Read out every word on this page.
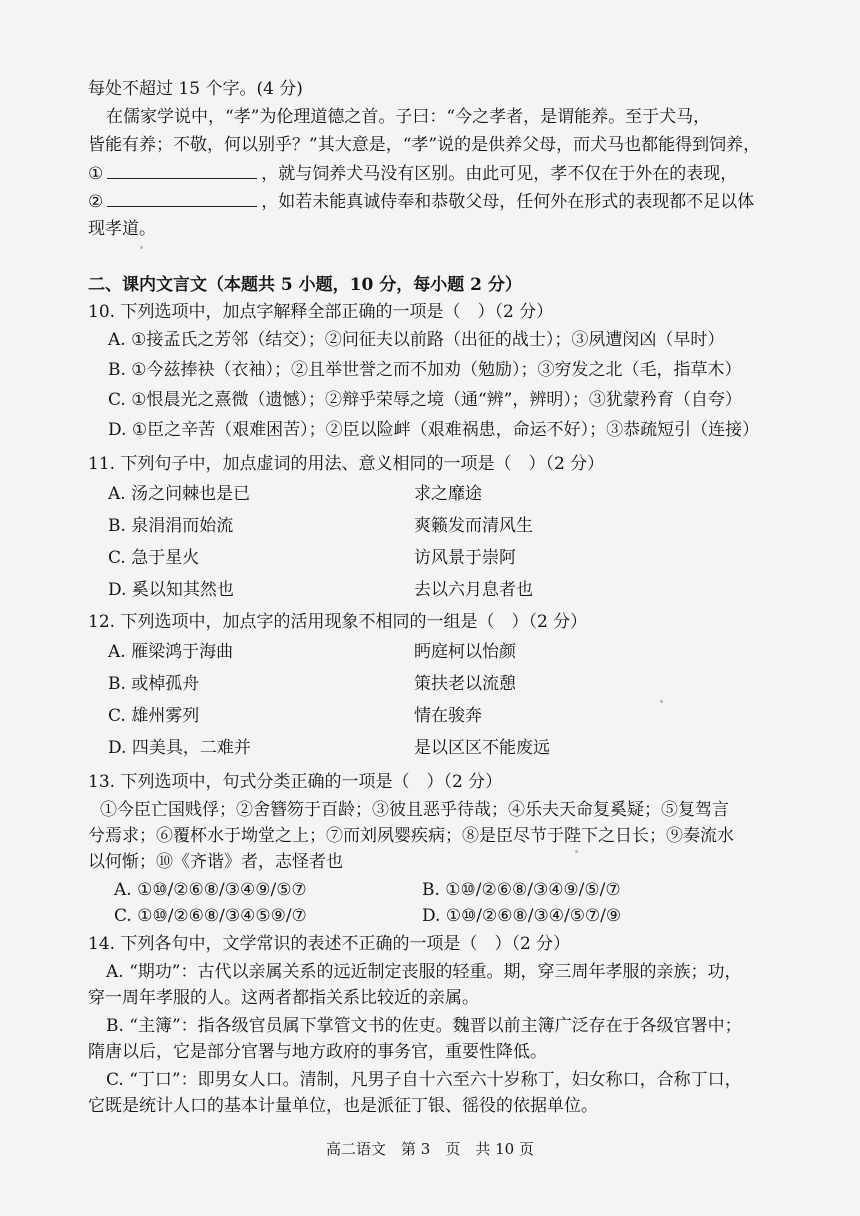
每处不超过 15 个字。(4 分)
在儒家学说中，“孝”为伦理道德之首。子曰：“今之孝者，是谓能养。至于犬马，
皆能有养；不敬，何以别乎？”其大意是，“孝”说的是供养父母，而犬马也都能得到饲养，
①	，就与饲养犬马没有区别。由此可见，孝不仅在于外在的表现，
②	，如若未能真诚侍奉和恭敬父母，任何外在形式的表现都不足以体
现孝道。
二、课内文言文（本题共 5 小题，10 分，每小题 2 分）
10. 下列选项中，加点字解释全部正确的一项是（　）（2 分）
A. ①接孟氏之芳邻（结交）；②问征夫以前路（出征的战士）；③夙遭闵凶（早时）
B. ①今兹捧袂（衣袖）；②且举世誉之而不加劝（勉励）；③穷发之北（毛，指草木）
C. ①恨晨光之熹微（遗憾）；②辩乎荣辱之境（通“辨”，辨明）；③犹蒙矜育（自夸）
D. ①臣之辛苦（艰难困苦）；②臣以险衅（艰难祸患，命运不好）；③恭疏短引（连接）
11. 下列句子中，加点虚词的用法、意义相同的一项是（　）（2 分）
A. 汤之问棘也是已	求之靡途
B. 泉涓涓而始流	爽籁发而清风生
C. 急于星火	访风景于崇阿
D. 奚以知其然也	去以六月息者也
12. 下列选项中，加点字的活用现象不相同的一组是（　）（2 分）
A. 雁梁鸿于海曲	眄庭柯以怡颜
B. 或棹孤舟	策扶老以流憩
C. 雄州雾列	情在骏奔
D. 四美具，二难并	是以区区不能废远
13. 下列选项中，句式分类正确的一项是（　）（2 分）
①今臣亡国贱俘；②舍簪笏于百龄；③彼且恶乎待哉；④乐夫天命复奚疑；⑤复驾言
兮焉求；⑥覆杯水于坳堂之上；⑦而刘夙婴疾病；⑧是臣尽节于陛下之日长；⑨奏流水
以何惭；⑩《齐谐》者，志怪者也
A. ①⑩/②⑥⑧/③④⑨/⑤⑦	B. ①⑩/②⑥⑧/③④⑨/⑤/⑦
C. ①⑩/②⑥⑧/③④⑤⑨/⑦	D. ①⑩/②⑥⑧/③④/⑤⑦/⑨
14. 下列各句中，文学常识的表述不正确的一项是（　）（2 分）
A. “期功”：古代以亲属关系的远近制定丧服的轻重。期，穿三周年孝服的亲族；功，
穿一周年孝服的人。这两者都指关系比较近的亲属。
B. “主簿”：指各级官员属下掌管文书的佐吏。魏晋以前主簿广泛存在于各级官署中；
隋唐以后，它是部分官署与地方政府的事务官，重要性降低。
C. “丁口”：即男女人口。清制，凡男子自十六至六十岁称丁，妇女称口，合称丁口，
它既是统计人口的基本计量单位，也是派征丁银、徭役的依据单位。
高二语文　第 3　页　共 10 页
